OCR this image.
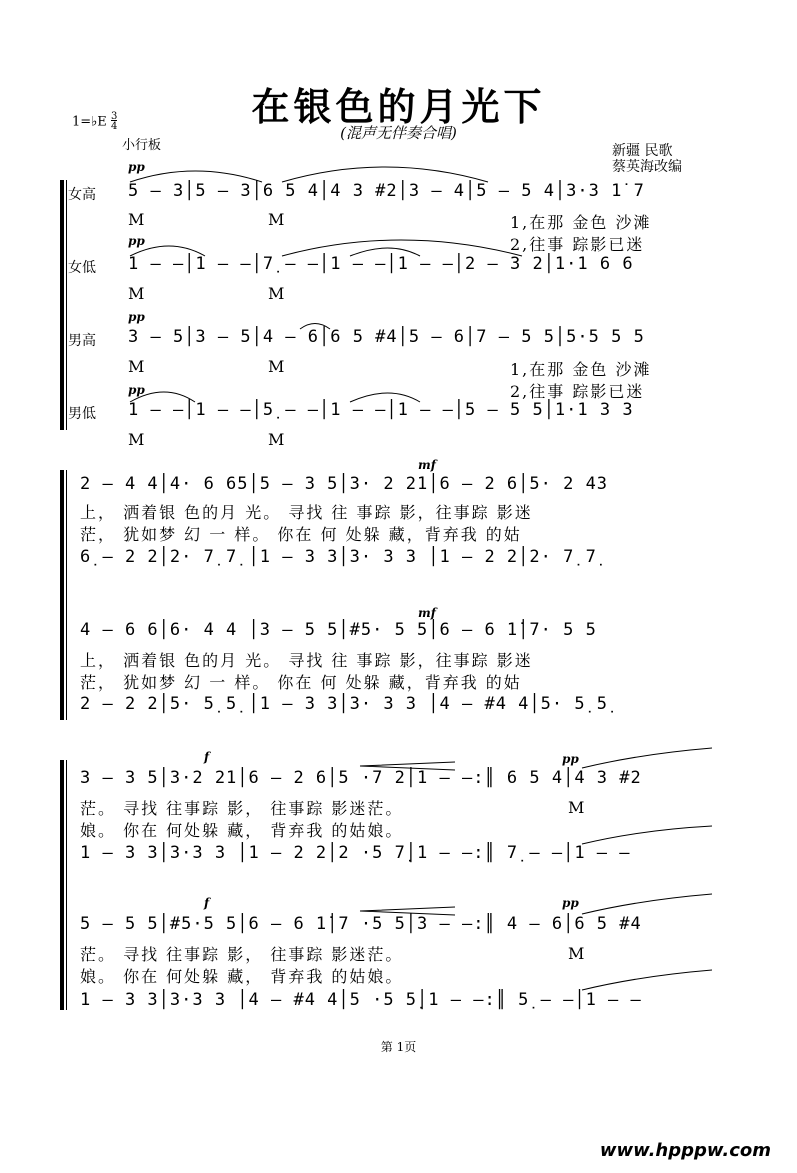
在银色的月光下
(混声无伴奏合唱)
1=♭E $\frac{3}{4}$
小行板	新疆 民歌
蔡英海改编
pp
女高 5 – 3│5 – 3│6 5 4│4 3 #2│3 – 4│5 – 5 4│3·3 1̇ 7
M	M	1,在那 金色 沙滩
pp	2,往事 踪影已迷
女低 1 – –│1 – –│7̣ – –│1 – –│1 – –│2 – 3 2│1·1 6 6
M	M
pp
男高 3 – 5│3 – 5│4 – 6│6 5 #4│5 – 6│7 – 5 5│5·5 5 5
M	M	1,在那 金色 沙滩
pp	2,往事 踪影已迷
男低 1 – –│1 – –│5̣ – –│1 – –│1 – –│5 – 5 5│1·1 3 3
M	M
mf
2 – 4 4│4· 6 65│5 – 3 5│3· 2 21│6 – 2 6│5· 2 43
上， 洒着银 色的月 光。 寻找 往 事踪 影，往事踪 影迷
茫， 犹如梦 幻 一 样。 你在 何 处躲 藏，背弃我 的姑
6̣ – 2 2│2· 7̣ 7̣ │1 – 3 3│3· 3 3 │1 – 2 2│2· 7̣ 7̣
mf
4 – 6 6│6· 4 4 │3 – 5 5│#5· 5 5│6 – 6 1̇│7· 5 5
上， 洒着银 色的月 光。 寻找 往 事踪 影，往事踪 影迷
茫， 犹如梦 幻 一 样。 你在 何 处躲 藏，背弃我 的姑
2 – 2 2│5· 5̣ 5̣ │1 – 3 3│3· 3 3 │4 – #4 4│5· 5̣ 5̣
f	pp
3 – 3 5│3·2 21│6 – 2 6│5 ·7 2│1 – –:║ 6 5 4│4 3 #2
茫。 寻找 往事踪 影， 往事踪 影迷茫。	M
娘。 你在 何处躲 藏， 背弃我 的姑娘。
1 – 3 3│3·3 3 │1 – 2 2│2 ·5 7̣│1 – –:║ 7̣ – –│1 – –
f	pp
5 – 5 5│#5·5 5│6 – 6 1̇│7 ·5 5│3 – –:║ 4 – 6│6 5 #4
茫。 寻找 往事踪 影， 往事踪 影迷茫。	M
娘。 你在 何处躲 藏， 背弃我 的姑娘。
1 – 3 3│3·3 3 │4 – #4 4│5 ·5 5̣│1 – –:║ 5̣ – –│1 – –
第 1页
www.hpppw.com
